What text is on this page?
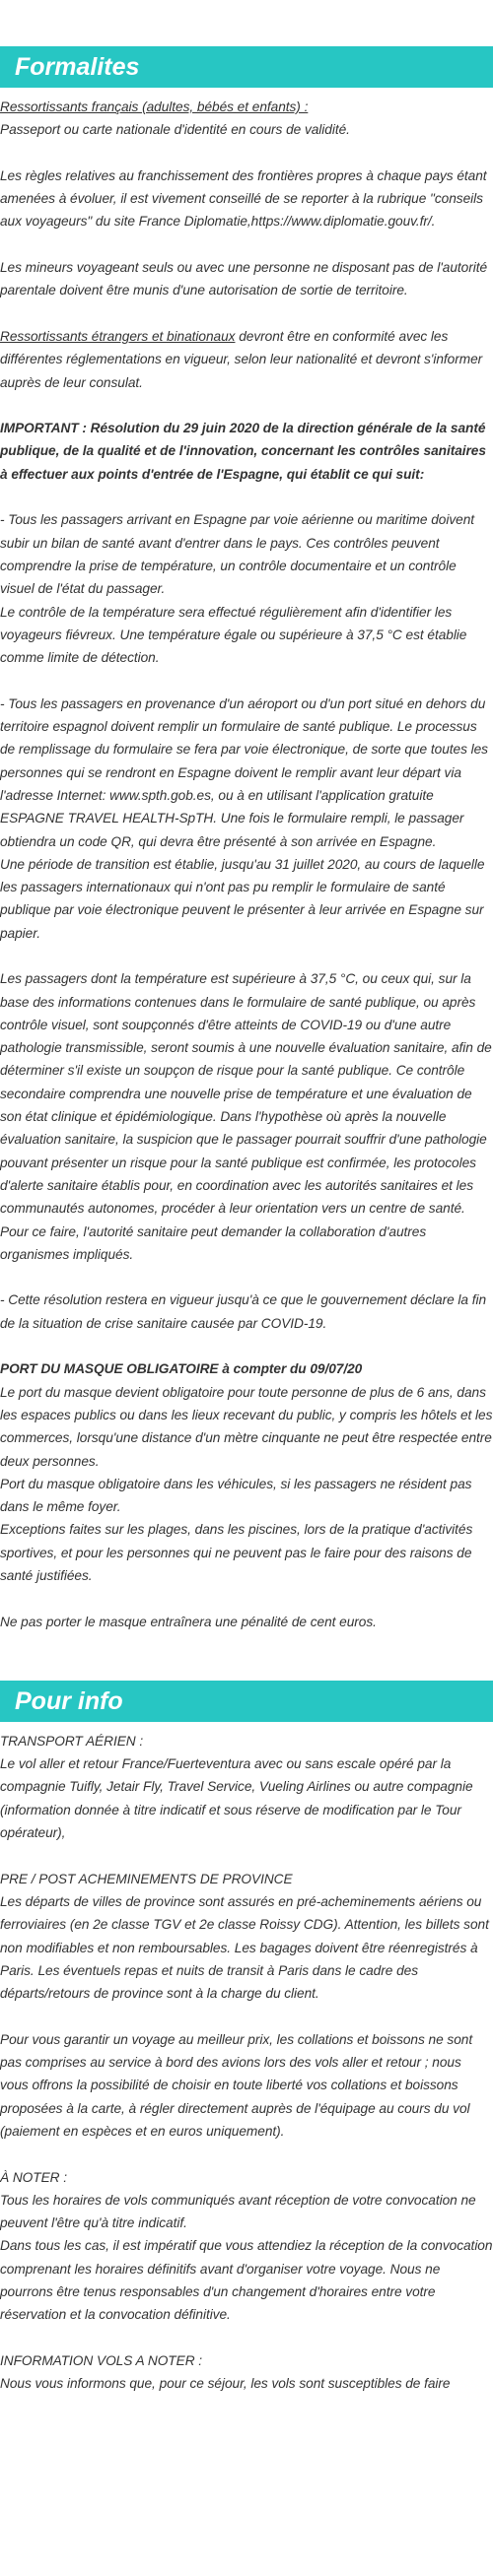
Formalites

Ressortissants français (adultes, bébés et enfants) :
Passeport ou carte nationale d'identité en cours de validité.

Les règles relatives au franchissement des frontières propres à chaque pays étant amenées à évoluer, il est vivement conseillé de se reporter à la rubrique "conseils aux voyageurs" du site France Diplomatie,https://www.diplomatie.gouv.fr/.

Les mineurs voyageant seuls ou avec une personne ne disposant pas de l'autorité parentale doivent être munis d'une autorisation de sortie de territoire.

Ressortissants étrangers et binationaux devront être en conformité avec les différentes réglementations en vigueur, selon leur nationalité et devront s'informer auprès de leur consulat.

IMPORTANT : Résolution du 29 juin 2020 de la direction générale de la santé publique, de la qualité et de l'innovation, concernant les contrôles sanitaires à effectuer aux points d'entrée de l'Espagne, qui établit ce qui suit:

- Tous les passagers arrivant en Espagne par voie aérienne ou maritime doivent subir un bilan de santé avant d'entrer dans le pays. Ces contrôles peuvent comprendre la prise de température, un contrôle documentaire et un contrôle visuel de l'état du passager.
Le contrôle de la température sera effectué régulièrement afin d'identifier les voyageurs fiévreux. Une température égale ou supérieure à 37,5 °C est établie comme limite de détection.

- Tous les passagers en provenance d'un aéroport ou d'un port situé en dehors du territoire espagnol doivent remplir un formulaire de santé publique. Le processus de remplissage du formulaire se fera par voie électronique, de sorte que toutes les personnes qui se rendront en Espagne doivent le remplir avant leur départ via l'adresse Internet: www.spth.gob.es, ou à en utilisant l'application gratuite ESPAGNE TRAVEL HEALTH-SpTH. Une fois le formulaire rempli, le passager obtiendra un code QR, qui devra être présenté à son arrivée en Espagne.
Une période de transition est établie, jusqu'au 31 juillet 2020, au cours de laquelle les passagers internationaux qui n'ont pas pu remplir le formulaire de santé publique par voie électronique peuvent le présenter à leur arrivée en Espagne sur papier.

Les passagers dont la température est supérieure à 37,5 °C, ou ceux qui, sur la base des informations contenues dans le formulaire de santé publique, ou après contrôle visuel, sont soupçonnés d'être atteints de COVID-19 ou d'une autre pathologie transmissible, seront soumis à une nouvelle évaluation sanitaire, afin de déterminer s'il existe un soupçon de risque pour la santé publique. Ce contrôle secondaire comprendra une nouvelle prise de température et une évaluation de son état clinique et épidémiologique. Dans l'hypothèse où après la nouvelle évaluation sanitaire, la suspicion que le passager pourrait souffrir d'une pathologie pouvant présenter un risque pour la santé publique est confirmée, les protocoles d'alerte sanitaire établis pour, en coordination avec les autorités sanitaires et les communautés autonomes, procéder à leur orientation vers un centre de santé. Pour ce faire, l'autorité sanitaire peut demander la collaboration d'autres organismes impliqués.

- Cette résolution restera en vigueur jusqu'à ce que le gouvernement déclare la fin de la situation de crise sanitaire causée par COVID-19.

PORT DU MASQUE OBLIGATOIRE à compter du 09/07/20
Le port du masque devient obligatoire pour toute personne de plus de 6 ans, dans les espaces publics ou dans les lieux recevant du public, y compris les hôtels et les commerces, lorsqu'une distance d'un mètre cinquante ne peut être respectée entre deux personnes.
Port du masque obligatoire dans les véhicules, si les passagers ne résident pas dans le même foyer.
Exceptions faites sur les plages, dans les piscines, lors de la pratique d'activités sportives, et pour les personnes qui ne peuvent pas le faire pour des raisons de santé justifiées.

Ne pas porter le masque entraînera une pénalité de cent euros.

Pour info

TRANSPORT AÉRIEN :
Le vol aller et retour France/Fuerteventura avec ou sans escale opéré par la compagnie Tuifly, Jetair Fly, Travel Service, Vueling Airlines ou autre compagnie (information donnée à titre indicatif et sous réserve de modification par le Tour opérateur),

PRE / POST ACHEMINEMENTS DE PROVINCE
Les départs de villes de province sont assurés en pré-acheminements aériens ou ferroviaires (en 2e classe TGV et 2e classe Roissy CDG). Attention, les billets sont non modifiables et non remboursables. Les bagages doivent être réenregistrés à Paris. Les éventuels repas et nuits de transit à Paris dans le cadre des départs/retours de province sont à la charge du client.

Pour vous garantir un voyage au meilleur prix, les collations et boissons ne sont pas comprises au service à bord des avions lors des vols aller et retour ; nous vous offrons la possibilité de choisir en toute liberté vos collations et boissons proposées à la carte, à régler directement auprès de l'équipage au cours du vol (paiement en espèces et en euros uniquement).

À NOTER :
Tous les horaires de vols communiqués avant réception de votre convocation ne peuvent l'être qu'à titre indicatif.
Dans tous les cas, il est impératif que vous attendiez la réception de la convocation comprenant les horaires définitifs avant d'organiser votre voyage. Nous ne pourrons être tenus responsables d'un changement d'horaires entre votre réservation et la convocation définitive.

INFORMATION VOLS A NOTER :
Nous vous informons que, pour ce séjour, les vols sont susceptibles de faire
